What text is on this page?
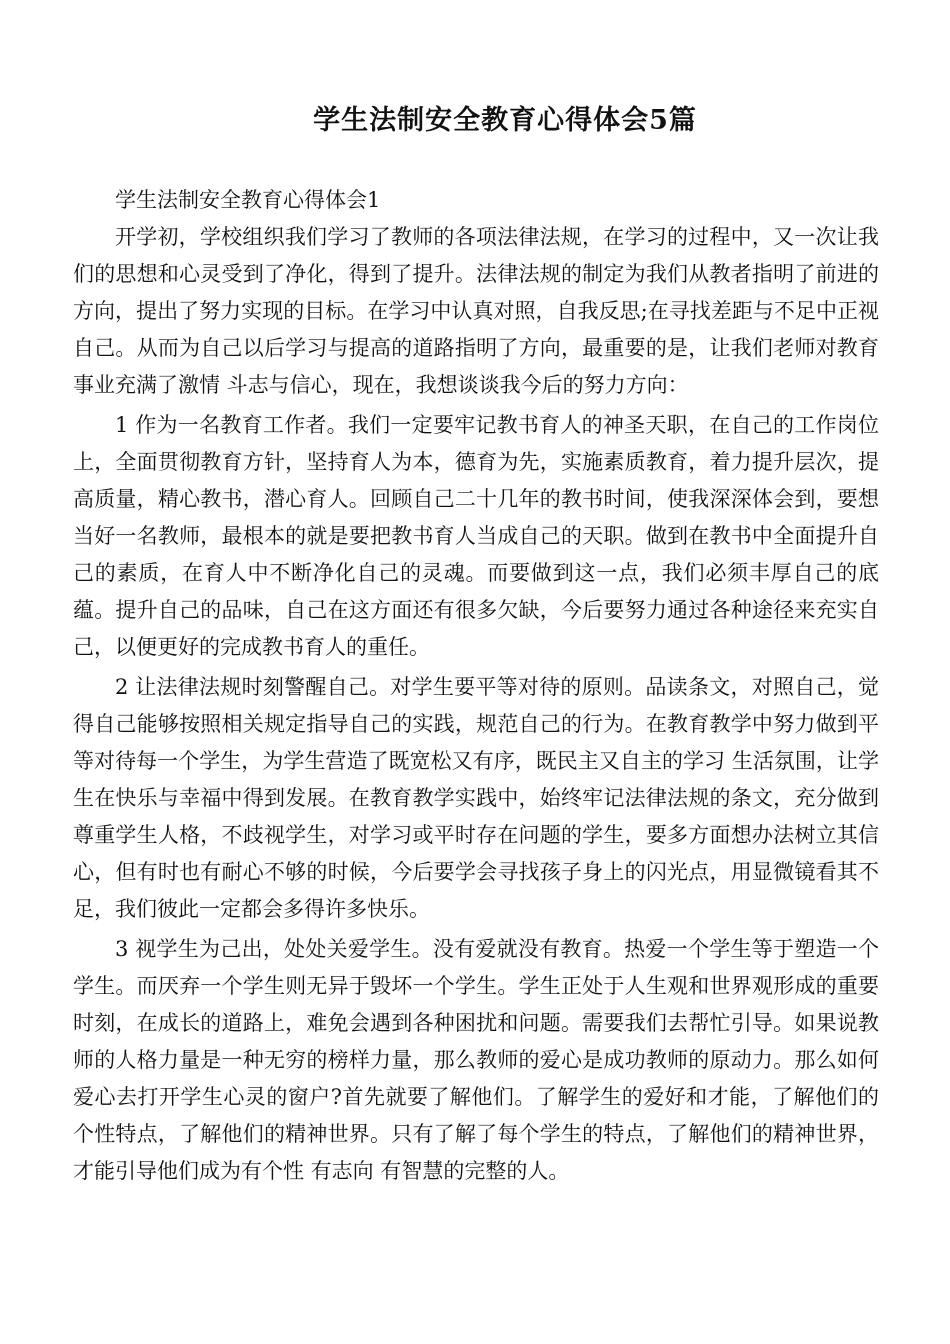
学生法制安全教育心得体会5篇

学生法制安全教育心得体会1

开学初，学校组织我们学习了教师的各项法律法规，在学习的过程中，又一次让我们的思想和心灵受到了净化，得到了提升。法律法规的制定为我们从教者指明了前进的方向，提出了努力实现的目标。在学习中认真对照，自我反思;在寻找差距与不足中正视自己。从而为自己以后学习与提高的道路指明了方向，最重要的是，让我们老师对教育事业充满了激情 斗志与信心，现在，我想谈谈我今后的努力方向：

1 作为一名教育工作者。我们一定要牢记教书育人的神圣天职，在自己的工作岗位上，全面贯彻教育方针，坚持育人为本，德育为先，实施素质教育，着力提升层次，提高质量，精心教书，潜心育人。回顾自己二十几年的教书时间，使我深深体会到，要想当好一名教师，最根本的就是要把教书育人当成自己的天职。做到在教书中全面提升自己的素质，在育人中不断净化自己的灵魂。而要做到这一点，我们必须丰厚自己的底蕴。提升自己的品味，自己在这方面还有很多欠缺，今后要努力通过各种途径来充实自己，以便更好的完成教书育人的重任。

2 让法律法规时刻警醒自己。对学生要平等对待的原则。品读条文，对照自己，觉得自己能够按照相关规定指导自己的实践，规范自己的行为。在教育教学中努力做到平等对待每一个学生，为学生营造了既宽松又有序，既民主又自主的学习 生活氛围，让学生在快乐与幸福中得到发展。在教育教学实践中，始终牢记法律法规的条文，充分做到尊重学生人格，不歧视学生，对学习或平时存在问题的学生，要多方面想办法树立其信心，但有时也有耐心不够的时候，今后要学会寻找孩子身上的闪光点，用显微镜看其不足，我们彼此一定都会多得许多快乐。

3 视学生为己出，处处关爱学生。没有爱就没有教育。热爱一个学生等于塑造一个学生。而厌弃一个学生则无异于毁坏一个学生。学生正处于人生观和世界观形成的重要时刻，在成长的道路上，难免会遇到各种困扰和问题。需要我们去帮忙引导。如果说教师的人格力量是一种无穷的榜样力量，那么教师的爱心是成功教师的原动力。那么如何爱心去打开学生心灵的窗户?首先就要了解他们。了解学生的爱好和才能，了解他们的个性特点，了解他们的精神世界。只有了解了每个学生的特点，了解他们的精神世界，才能引导他们成为有个性 有志向 有智慧的完整的人。
